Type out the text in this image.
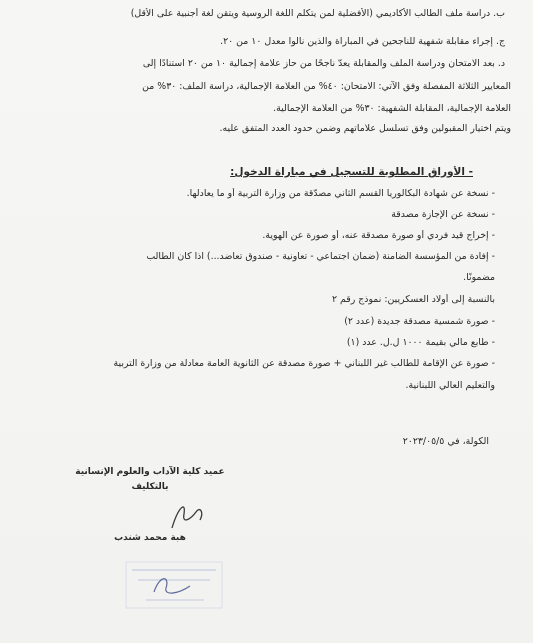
ب. دراسة ملف الطالب الأكاديمي (الأفضلية لمن يتكلم اللغة الروسية ويتقن لغة أجنبية على الأقل)
ج. إجراء مقابلة شفهية للناجحين في المباراة والذين نالوا معدل ١٠ من ٢٠.
د. بعد الامتحان ودراسة الملف والمقابلة يعدّ ناجحًا من حاز علامة إجمالية ١٠ من ٢٠ استنادًا إلى
المعايير الثلاثة المفصلة وفق الآتي: الامتحان: ٤٠% من العلامة الإجمالية، دراسة الملف: ٣٠% من
العلامة الإجمالية، المقابلة الشفهية: ٣٠% من العلامة الإجمالية.
ويتم اختيار المقبولين وفق تسلسل علاماتهم وضمن حدود العدد المتفق عليه.
- الأوراق المطلوبة للتسجيل في مباراة الدخول:
- نسخة عن شهادة البكالوريا القسم الثاني مصدّقة من وزارة التربية أو ما يعادلها.
- نسخة عن الإجازة مصدقة
- إخراج قيد فردي أو صورة مصدقة عنه، أو صورة عن الهوية.
- إفادة من المؤسسة الضامنة (ضمان اجتماعي - تعاونية - صندوق تعاضد...) اذا كان الطالب
مضمونًا.
بالنسبة إلى أولاد العسكريين: نموذج رقم ٢
- صورة شمسية مصدقة جديدة (عدد ٢)
- طابع مالي بقيمة ١٠٠٠ ل.ل. عدد (١)
- صورة عن الإقامة للطالب غير اللبناني + صورة مصدقة عن الثانوية العامة معادلة من وزارة التربية
والتعليم العالي اللبنانية.
الكولة، في ٢٠٢٣/٠٥/٥
عميد كلية الآداب والعلوم الإنسانية
بالتكليف
هبة محمد شندب
